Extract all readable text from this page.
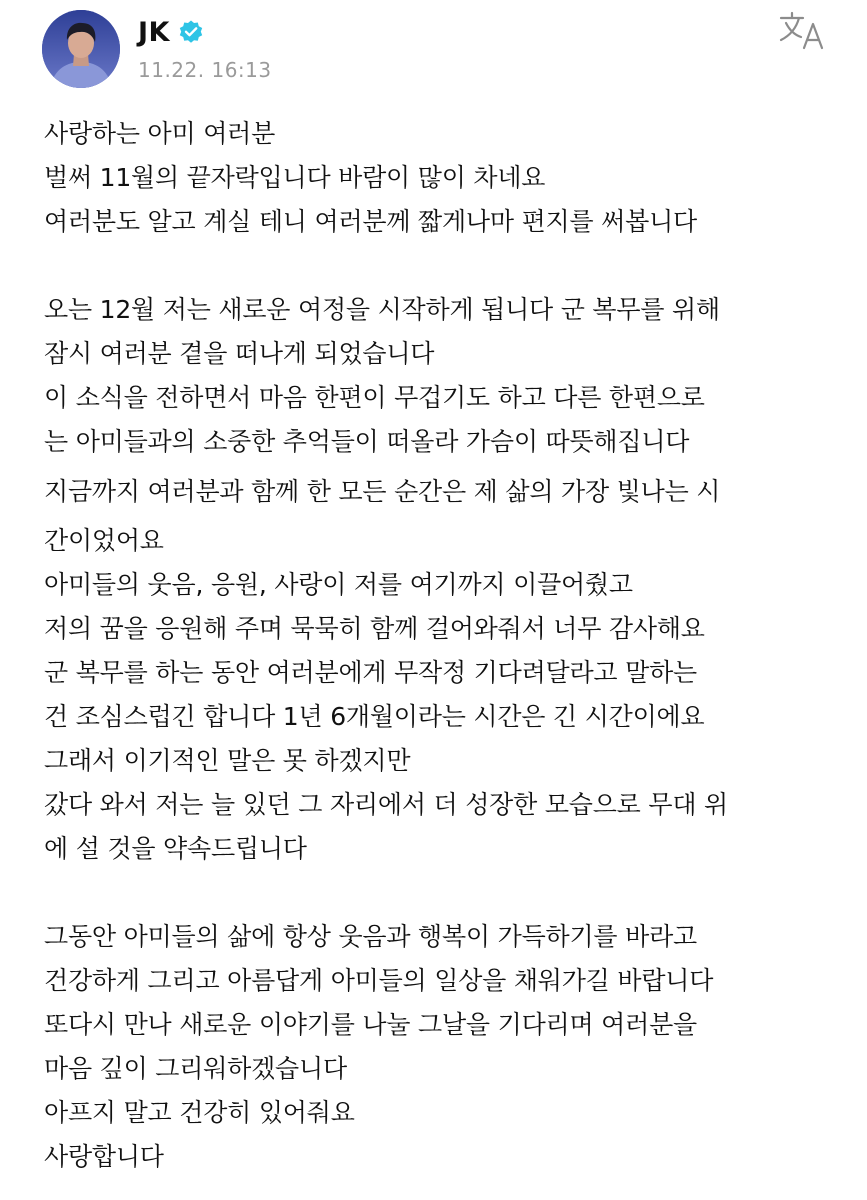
JK
11.22. 16:13
사랑하는 아미 여러분
벌써 11월의 끝자락입니다 바람이 많이 차네요
여러분도 알고 계실 테니 여러분께 짧게나마 편지를 써봅니다
오는 12월 저는 새로운 여정을 시작하게 됩니다 군 복무를 위해
잠시 여러분 곁을 떠나게 되었습니다
이 소식을 전하면서 마음 한편이 무겁기도 하고 다른 한편으로
는 아미들과의 소중한 추억들이 떠올라 가슴이 따뜻해집니다
지금까지 여러분과 함께 한 모든 순간은 제 삶의 가장 빛나는 시
간이었어요
아미들의 웃음, 응원, 사랑이 저를 여기까지 이끌어줬고
저의 꿈을 응원해 주며 묵묵히 함께 걸어와줘서 너무 감사해요
군 복무를 하는 동안 여러분에게 무작정 기다려달라고 말하는
건 조심스럽긴 합니다 1년 6개월이라는 시간은 긴 시간이에요
그래서 이기적인 말은 못 하겠지만
갔다 와서 저는 늘 있던 그 자리에서 더 성장한 모습으로 무대 위
에 설 것을 약속드립니다
그동안 아미들의 삶에 항상 웃음과 행복이 가득하기를 바라고
건강하게 그리고 아름답게 아미들의 일상을 채워가길 바랍니다
또다시 만나 새로운 이야기를 나눌 그날을 기다리며 여러분을
마음 깊이 그리워하겠습니다
아프지 말고 건강히 있어줘요
사랑합니다
